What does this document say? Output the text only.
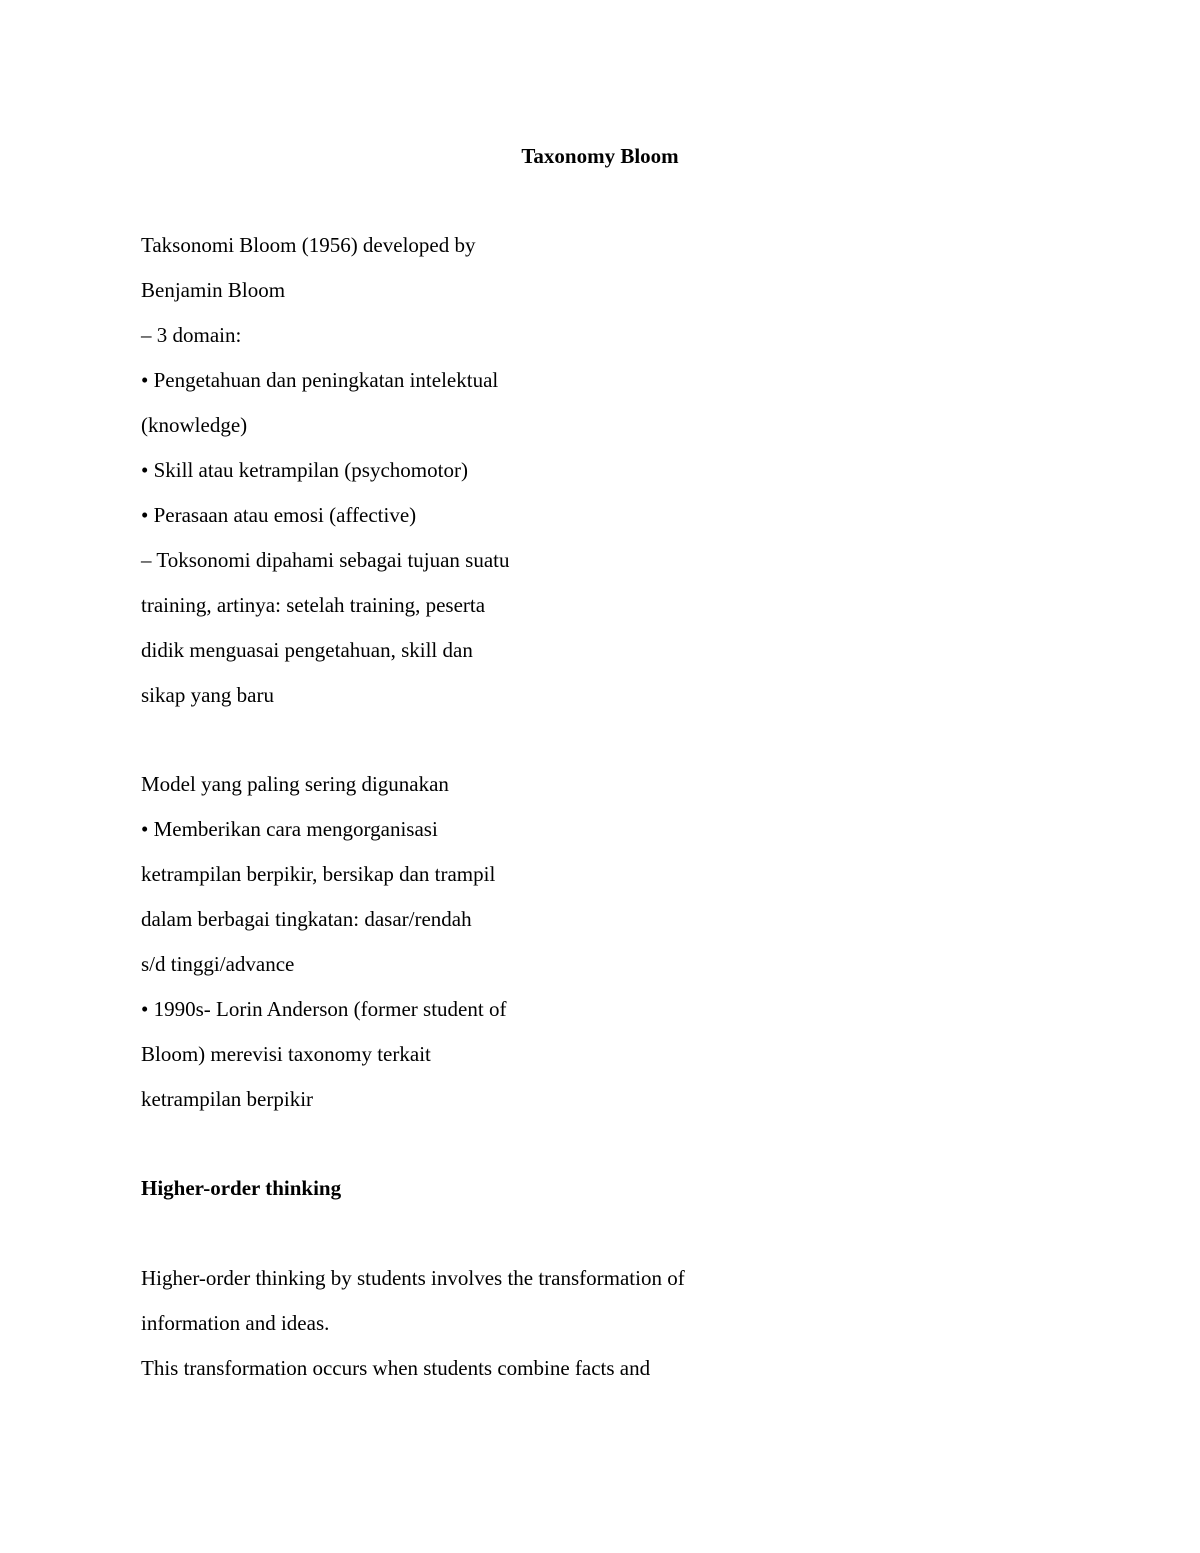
Taxonomy Bloom
Taksonomi Bloom (1956) developed by
Benjamin Bloom
– 3 domain:
• Pengetahuan dan peningkatan intelektual
(knowledge)
• Skill atau ketrampilan (psychomotor)
• Perasaan atau emosi (affective)
– Toksonomi dipahami sebagai tujuan suatu
training, artinya: setelah training, peserta
didik menguasai pengetahuan, skill dan
sikap yang baru
Model yang paling sering digunakan
• Memberikan cara mengorganisasi
ketrampilan berpikir, bersikap dan trampil
dalam berbagai tingkatan: dasar/rendah
s/d tinggi/advance
• 1990s- Lorin Anderson (former student of
Bloom) merevisi taxonomy terkait
ketrampilan berpikir
Higher-order thinking
Higher-order thinking by students involves the transformation of
information and ideas.
This transformation occurs when students combine facts and
